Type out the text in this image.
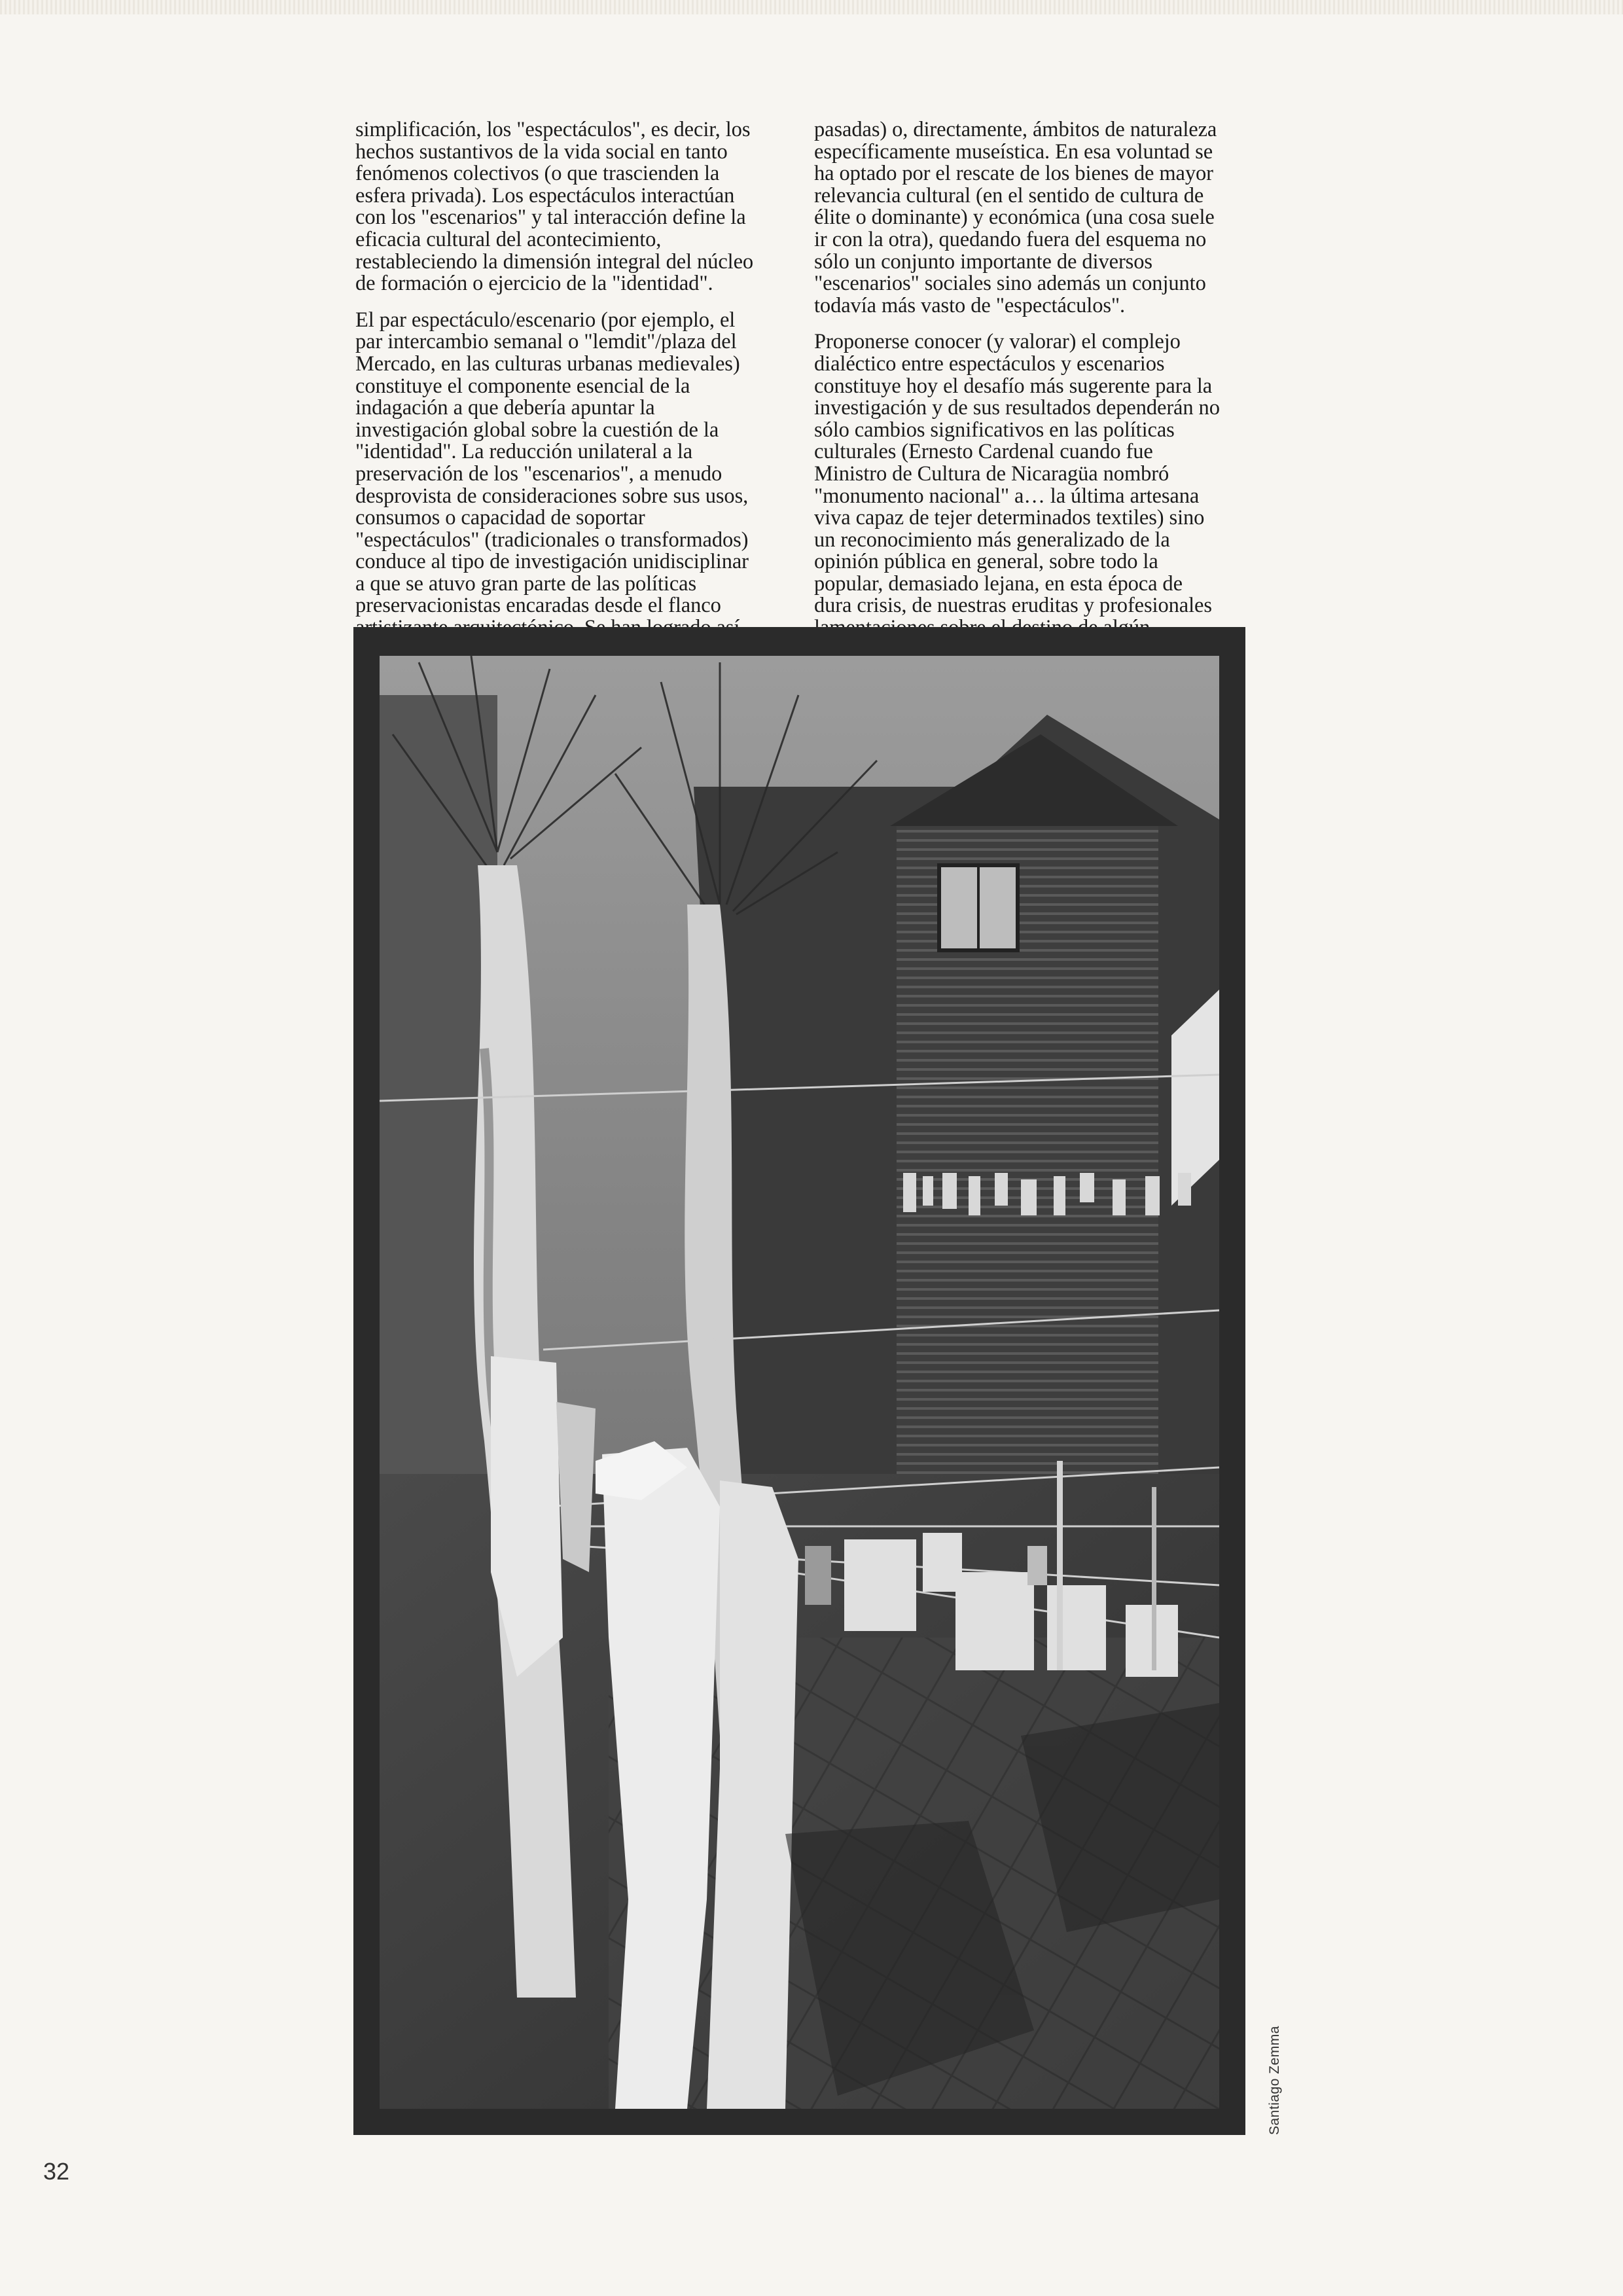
simplificación, los "espectáculos", es decir, los hechos sustantivos de la vida social en tanto fenómenos colectivos (o que trascienden la esfera privada). Los espectáculos interactúan con los "escenarios" y tal interacción define la eficacia cultural del acontecimiento, restableciendo la dimensión integral del núcleo de formación o ejercicio de la "identidad".

El par espectáculo/escenario (por ejemplo, el par intercambio semanal o "lemdit"/plaza del Mercado, en las culturas urbanas medievales) constituye el componente esencial de la indagación a que debería apuntar la investigación global sobre la cuestión de la "identidad". La reducción unilateral a la preservación de los "escenarios", a menudo desprovista de consideraciones sobre sus usos, consumos o capacidad de soportar "espectáculos" (tradicionales o transformados) conduce al tipo de investigación unidisciplinar a que se atuvo gran parte de las políticas preservacionistas encaradas desde el flanco

pasadas) o, directamente, ámbitos de naturaleza específicamente museística. En esa voluntad se ha optado por el rescate de los bienes de mayor relevancia cultural (en el sentido de cultura de élite o dominante) y económica (una cosa suele ir con la otra), quedando fuera del esquema no sólo un conjunto importante de diversos "escenarios" sociales sino además un conjunto todavía más vasto de "espectáculos".

Proponerse conocer (y valorar) el complejo dialéctico entre espectáculos y escenarios constituye hoy el desafío más sugerente para la investigación y de sus resultados dependerán no sólo cambios significativos en las políticas culturales (Ernesto Cardenal cuando fue Ministro de Cultura de Nicaragüa nombró "monumento nacional" a… la última artesana viva capaz de tejer determinados textiles) sino un reconocimiento más generalizado de la opinión pública en general, sobre todo la popular, demasiado lejana, en esta época de dura crisis, de nuestras eruditas y profesionales

Santiago Zemma
32
